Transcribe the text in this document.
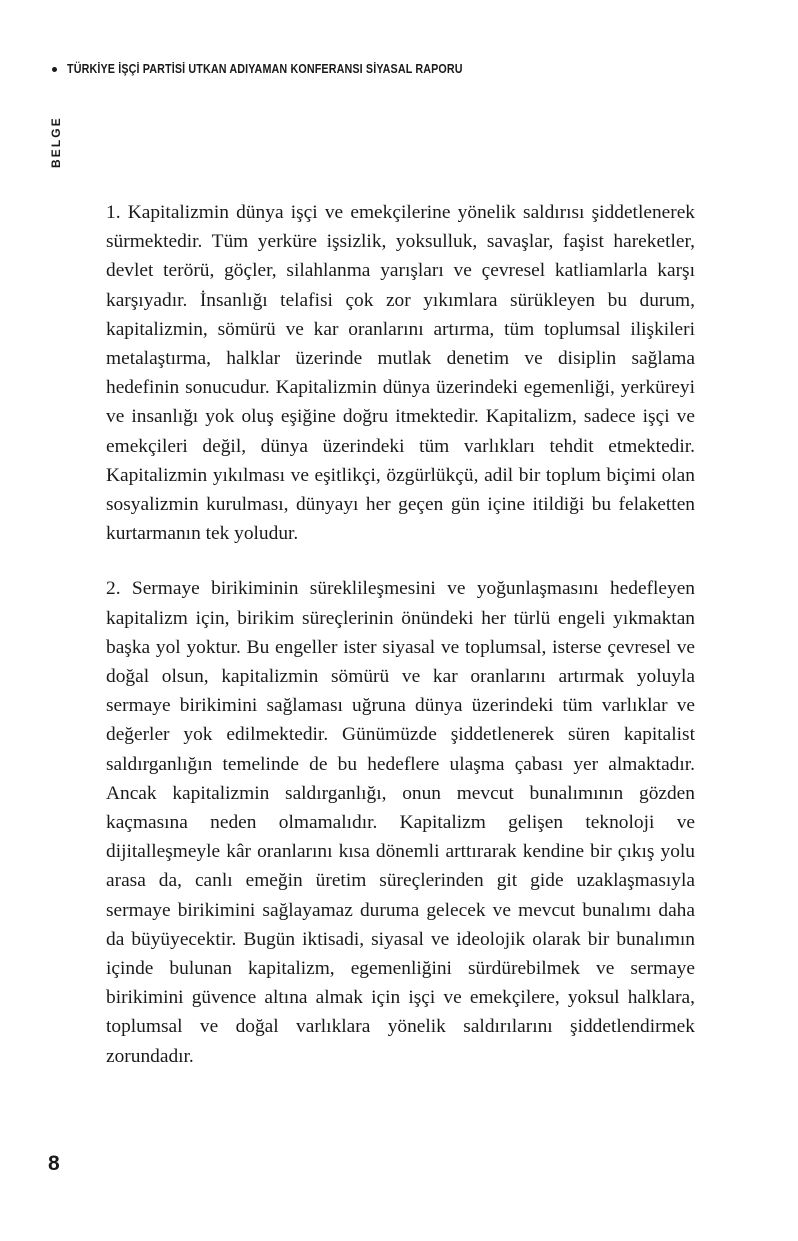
TÜRKİYE İŞÇİ PARTİSİ UTKAN ADIYAMAN KONFERANSI SİYASAL RAPORU
BELGE

1. Kapitalizmin dünya işçi ve emekçilerine yönelik saldırısı şiddetlenerek sürmektedir. Tüm yerküre işsizlik, yoksulluk, savaşlar, faşist hareketler, devlet terörü, göçler, silahlanma yarışları ve çevresel katliamlarla karşı karşıyadır. İnsanlığı telafisi çok zor yıkımlara sürükleyen bu durum, kapitalizmin, sömürü ve kar oranlarını artırma, tüm toplumsal ilişkileri metalaştırma, halklar üzerinde mutlak denetim ve disiplin sağlama hedefinin sonucudur. Kapitalizmin dünya üzerindeki egemenliği, yerküreyi ve insanlığı yok oluş eşiğine doğru itmektedir. Kapitalizm, sadece işçi ve emekçileri değil, dünya üzerindeki tüm varlıkları tehdit etmektedir. Kapitalizmin yıkılması ve eşitlikçi, özgürlükçü, adil bir toplum biçimi olan sosyalizmin kurulması, dünyayı her geçen gün içine itildiği bu felaketten kurtarmanın tek yoludur.

2. Sermaye birikiminin süreklileşmesini ve yoğunlaşmasını hedefleyen kapitalizm için, birikim süreçlerinin önündeki her türlü engeli yıkmaktan başka yol yoktur. Bu engeller ister siyasal ve toplumsal, isterse çevresel ve doğal olsun, kapitalizmin sömürü ve kar oranlarını artırmak yoluyla sermaye birikimini sağlaması uğruna dünya üzerindeki tüm varlıklar ve değerler yok edilmektedir. Günümüzde şiddetlenerek süren kapitalist saldırganlığın temelinde de bu hedeflere ulaşma çabası yer almaktadır. Ancak kapitalizmin saldırganlığı, onun mevcut bunalımının gözden kaçmasına neden olmamalıdır. Kapitalizm gelişen teknoloji ve dijitalleşmeyle kâr oranlarını kısa dönemli arttırarak kendine bir çıkış yolu arasa da, canlı emeğin üretim süreçlerinden git gide uzaklaşmasıyla sermaye birikimini sağlayamaz duruma gelecek ve mevcut bunalımı daha da büyüyecektir. Bugün iktisadi, siyasal ve ideolojik olarak bir bunalımın içinde bulunan kapitalizm, egemenliğini sürdürebilmek ve sermaye birikimini güvence altına almak için işçi ve emekçilere, yoksul halklara, toplumsal ve doğal varlıklara yönelik saldırılarını şiddetlendirmek zorundadır.

8
